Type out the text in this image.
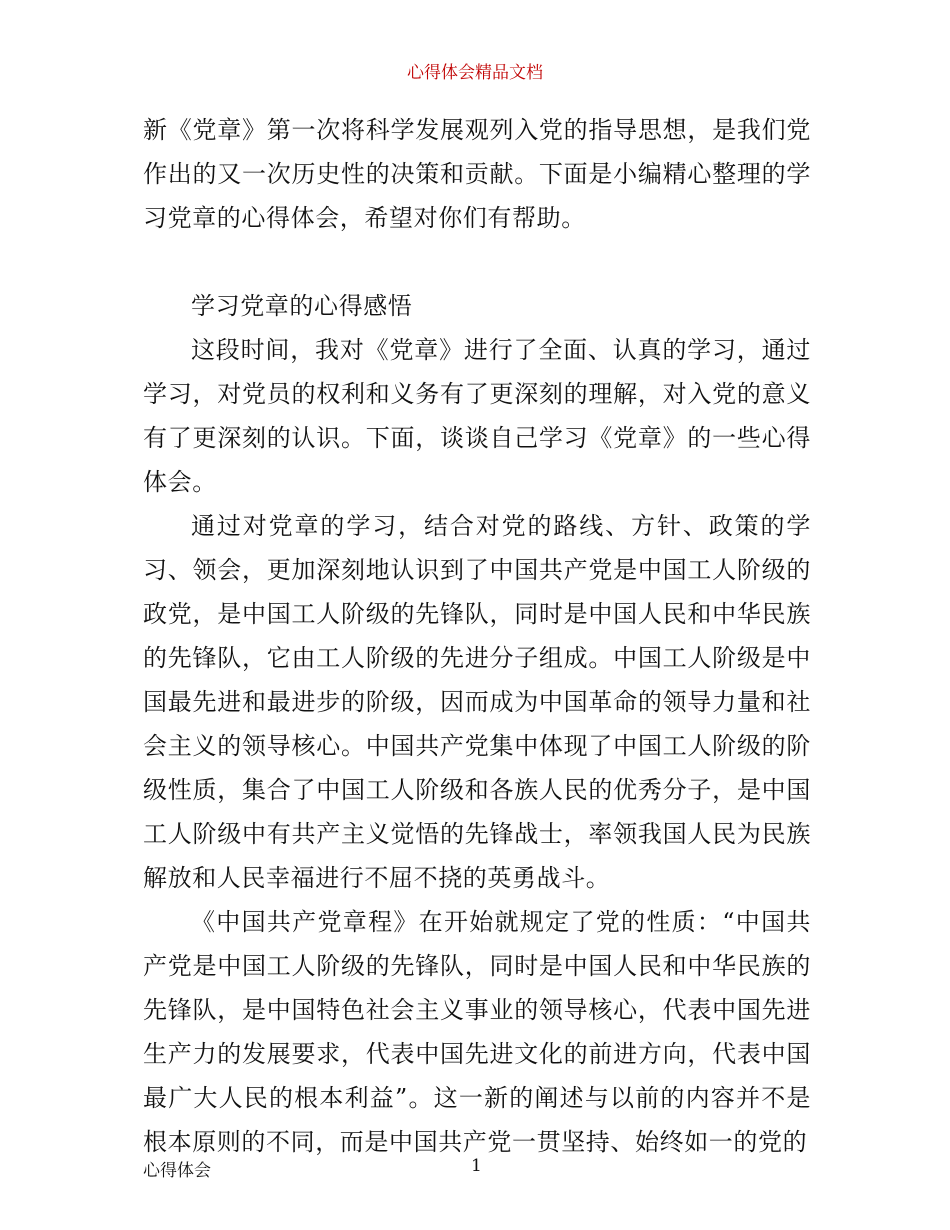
心得体会精品文档

新《党章》第一次将科学发展观列入党的指导思想，是我们党作出的又一次历史性的决策和贡献。下面是小编精心整理的学习党章的心得体会，希望对你们有帮助。

学习党章的心得感悟

这段时间，我对《党章》进行了全面、认真的学习，通过学习，对党员的权利和义务有了更深刻的理解，对入党的意义有了更深刻的认识。下面，谈谈自己学习《党章》的一些心得体会。

通过对党章的学习，结合对党的路线、方针、政策的学习、领会，更加深刻地认识到了中国共产党是中国工人阶级的政党，是中国工人阶级的先锋队，同时是中国人民和中华民族的先锋队，它由工人阶级的先进分子组成。中国工人阶级是中国最先进和最进步的阶级，因而成为中国革命的领导力量和社会主义的领导核心。中国共产党集中体现了中国工人阶级的阶级性质，集合了中国工人阶级和各族人民的优秀分子，是中国工人阶级中有共产主义觉悟的先锋战士，率领我国人民为民族解放和人民幸福进行不屈不挠的英勇战斗。

《中国共产党章程》在开始就规定了党的性质：“中国共产党是中国工人阶级的先锋队，同时是中国人民和中华民族的先锋队，是中国特色社会主义事业的领导核心，代表中国先进生产力的发展要求，代表中国先进文化的前进方向，代表中国最广大人民的根本利益”。这一新的阐述与以前的内容并不是根本原则的不同，而是中国共产党一贯坚持、始终如一的党的

心得体会	1
